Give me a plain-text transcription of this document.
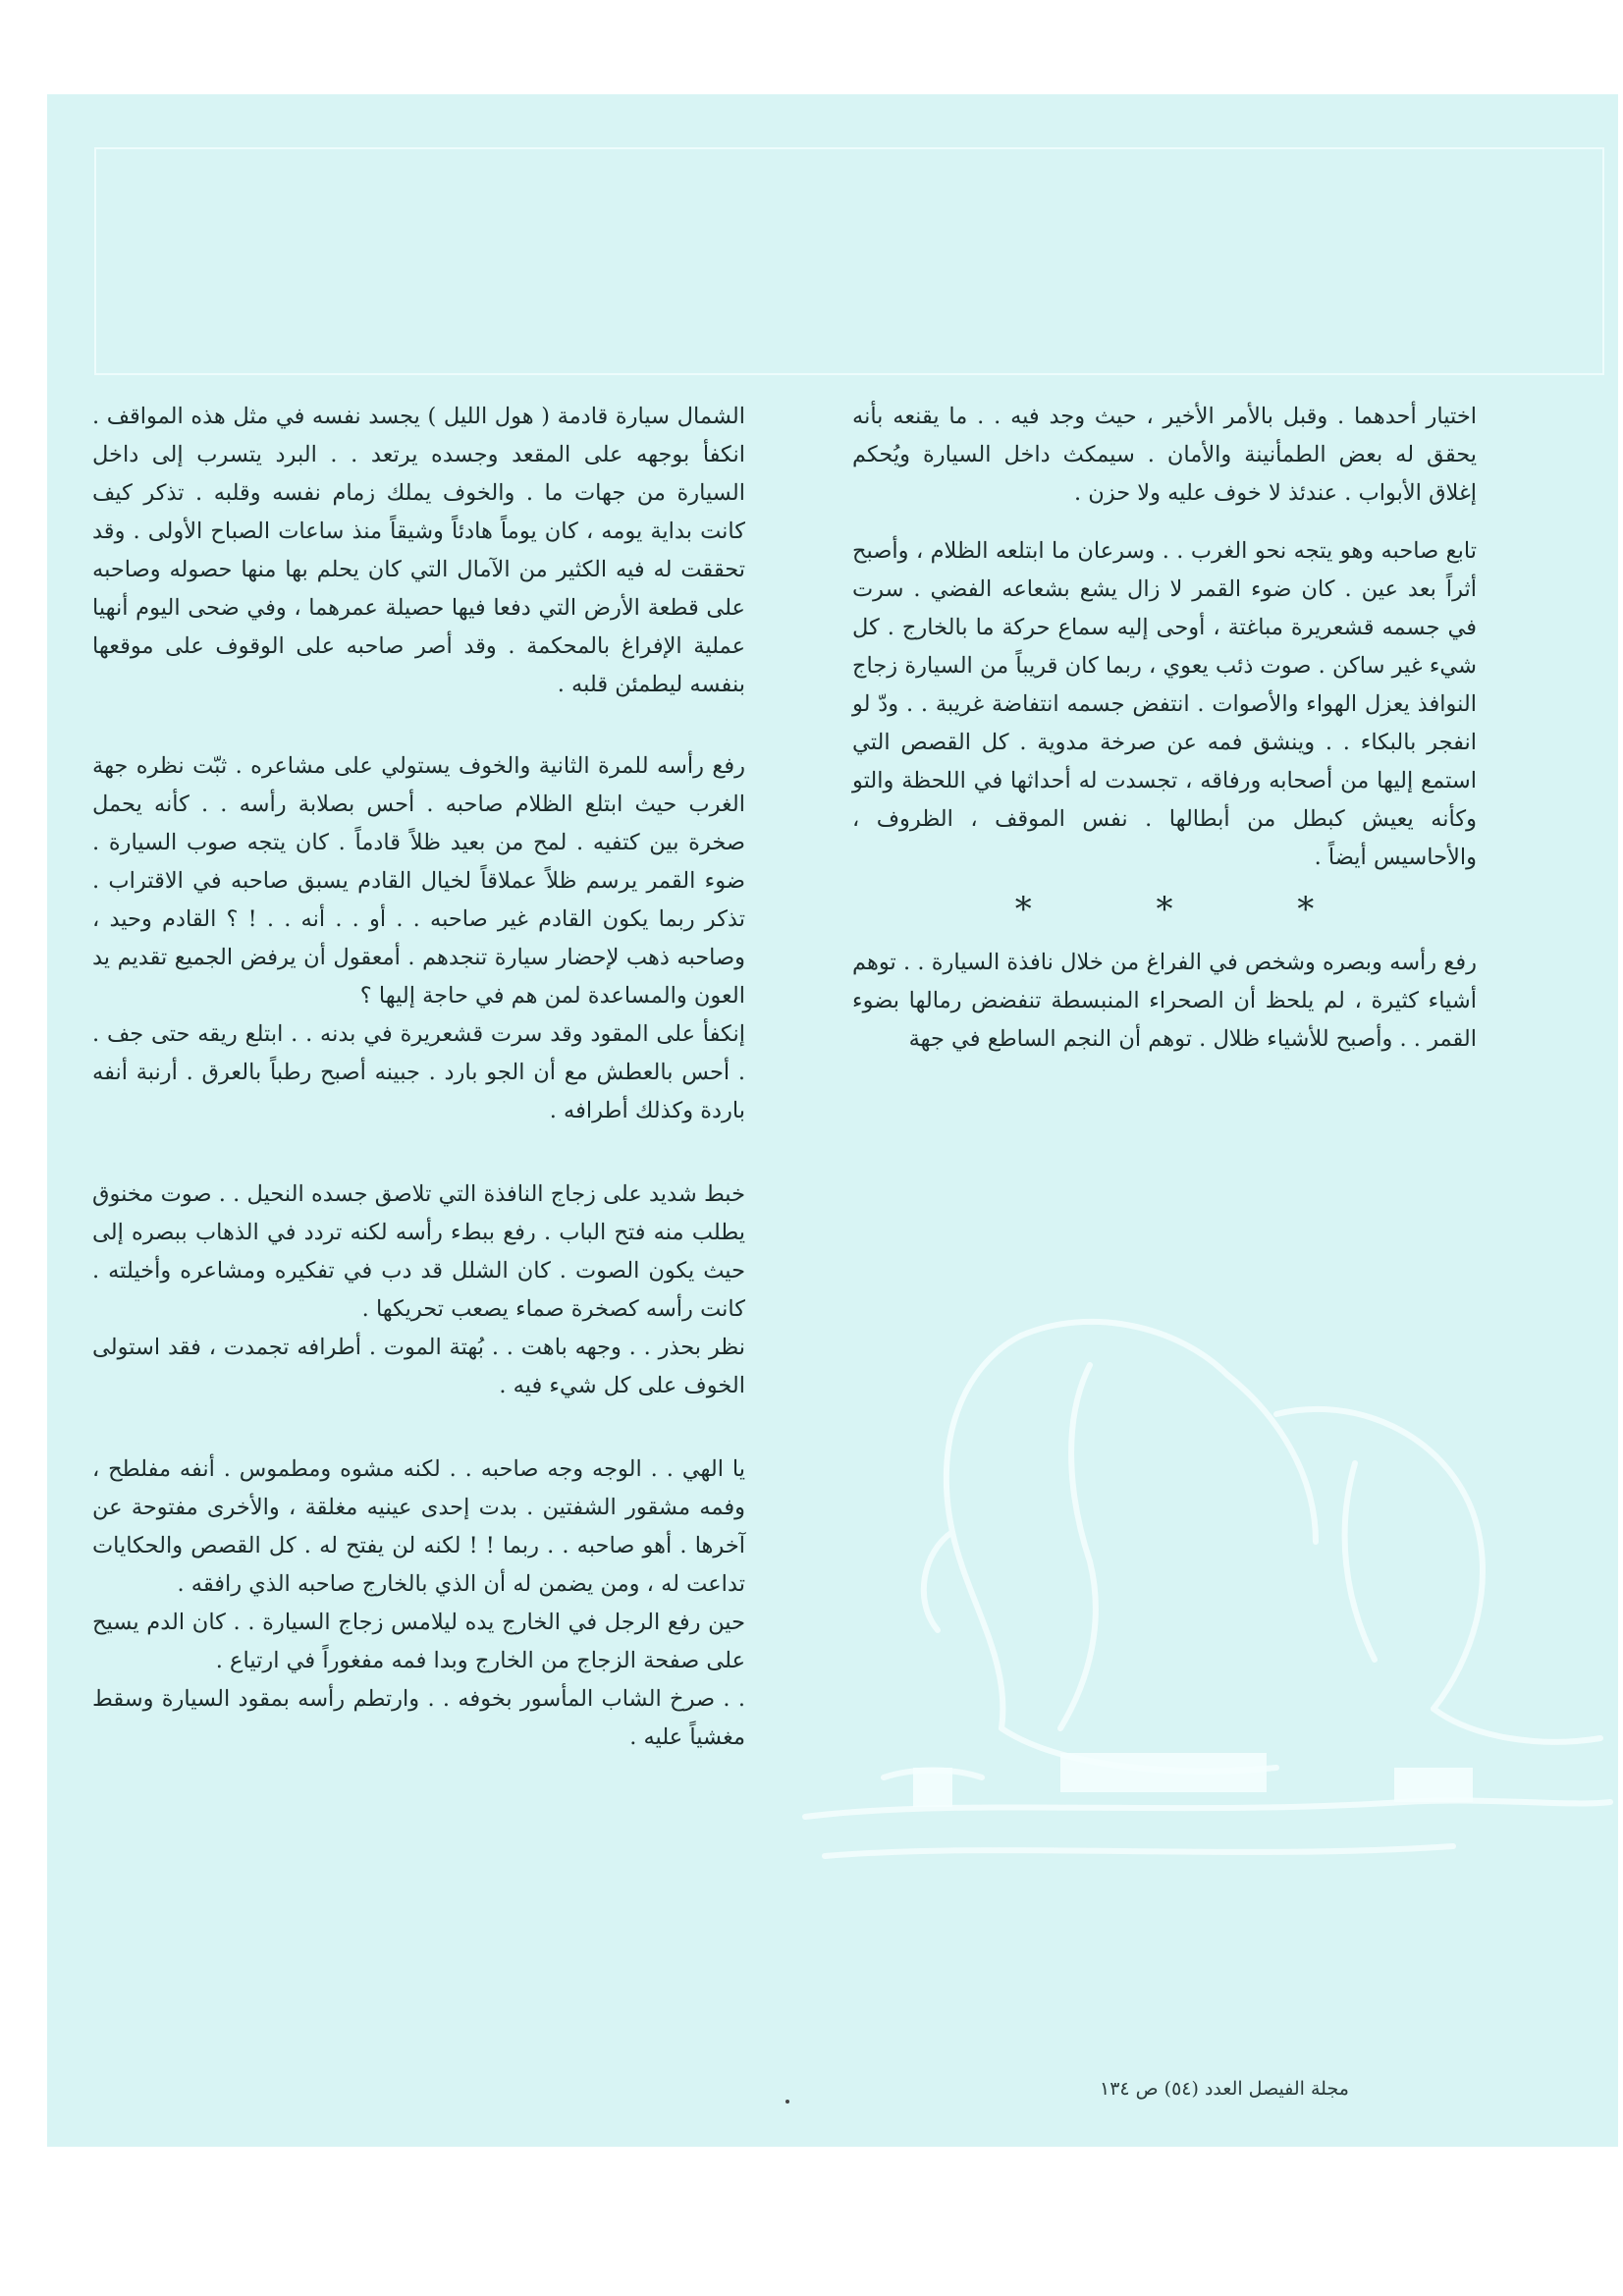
اختيار أحدهما . وقبل بالأمر الأخير ، حيث وجد فيه . . ما يقنعه بأنه يحقق له بعض الطمأنينة والأمان . سيمكث داخل السيارة ويُحكم إغلاق الأبواب . عندئذ لا خوف عليه ولا حزن .

تابع صاحبه وهو يتجه نحو الغرب . . وسرعان ما ابتلعه الظلام ، وأصبح أثراً بعد عين . كان ضوء القمر لا زال يشع بشعاعه الفضي . سرت في جسمه قشعريرة مباغتة ، أوحى إليه سماع حركة ما بالخارج . كل شيء غير ساكن . صوت ذئب يعوي ، ربما كان قريباً من السيارة زجاج النوافذ يعزل الهواء والأصوات . انتفض جسمه انتفاضة غريبة . . ودّ لو انفجر بالبكاء . . وينشق فمه عن صرخة مدوية . كل القصص التي استمع إليها من أصحابه ورفاقه ، تجسدت له أحداثها في اللحظة والتو وكأنه يعيش كبطل من أبطالها . نفس الموقف ، الظروف ، والأحاسيس أيضاً .

* * *

رفع رأسه وبصره وشخص في الفراغ من خلال نافذة السيارة . . توهم أشياء كثيرة ، لم يلحظ أن الصحراء المنبسطة تنفضض رمالها بضوء القمر . . وأصبح للأشياء ظلال . توهم أن النجم الساطع في جهة

الشمال سيارة قادمة ( هول الليل ) يجسد نفسه في مثل هذه المواقف . انكفأ بوجهه على المقعد وجسده يرتعد . . البرد يتسرب إلى داخل السيارة من جهات ما . والخوف يملك زمام نفسه وقلبه . تذكر كيف كانت بداية يومه ، كان يوماً هادئاً وشيقاً منذ ساعات الصباح الأولى . وقد تحققت له فيه الكثير من الآمال التي كان يحلم بها منها حصوله وصاحبه على قطعة الأرض التي دفعا فيها حصيلة عمرهما ، وفي ضحى اليوم أنهيا عملية الإفراغ بالمحكمة . وقد أصر صاحبه على الوقوف على موقعها بنفسه ليطمئن قلبه .

رفع رأسه للمرة الثانية والخوف يستولي على مشاعره . ثبّت نظره جهة الغرب حيث ابتلع الظلام صاحبه . أحس بصلابة رأسه . . كأنه يحمل صخرة بين كتفيه . لمح من بعيد ظلاً قادماً . كان يتجه صوب السيارة . ضوء القمر يرسم ظلاً عملاقاً لخيال القادم يسبق صاحبه في الاقتراب . تذكر ربما يكون القادم غير صاحبه . . أو . . أنه . . ! ؟ القادم وحيد ، وصاحبه ذهب لإحضار سيارة تنجدهم . أمعقول أن يرفض الجميع تقديم يد العون والمساعدة لمن هم في حاجة إليها ؟

إنكفأ على المقود وقد سرت قشعريرة في بدنه . . ابتلع ريقه حتى جف . . أحس بالعطش مع أن الجو بارد . جبينه أصبح رطباً بالعرق . أرنبة أنفه باردة وكذلك أطرافه .

خبط شديد على زجاج النافذة التي تلاصق جسده النحيل . . صوت مخنوق يطلب منه فتح الباب . رفع ببطء رأسه لكنه تردد في الذهاب ببصره إلى حيث يكون الصوت . كان الشلل قد دب في تفكيره ومشاعره وأخيلته . كانت رأسه كصخرة صماء يصعب تحريكها .

نظر بحذر . . وجهه باهت . . بُهتة الموت . أطرافه تجمدت ، فقد استولى الخوف على كل شيء فيه .

يا الهي . . الوجه وجه صاحبه . . لكنه مشوه ومطموس . أنفه مفلطح ، وفمه مشقور الشفتين . بدت إحدى عينيه مغلقة ، والأخرى مفتوحة عن آخرها . أهو صاحبه . . ربما ! ! لكنه لن يفتح له . كل القصص والحكايات تداعت له ، ومن يضمن له أن الذي بالخارج صاحبه الذي رافقه .

حين رفع الرجل في الخارج يده ليلامس زجاج السيارة . . كان الدم يسيح على صفحة الزجاج من الخارج وبدا فمه مفغوراً في ارتياع .

. . صرخ الشاب المأسور بخوفه . . وارتطم رأسه بمقود السيارة وسقط مغشياً عليه .

مجلة الفيصل العدد (٥٤) ص ١٣٤
